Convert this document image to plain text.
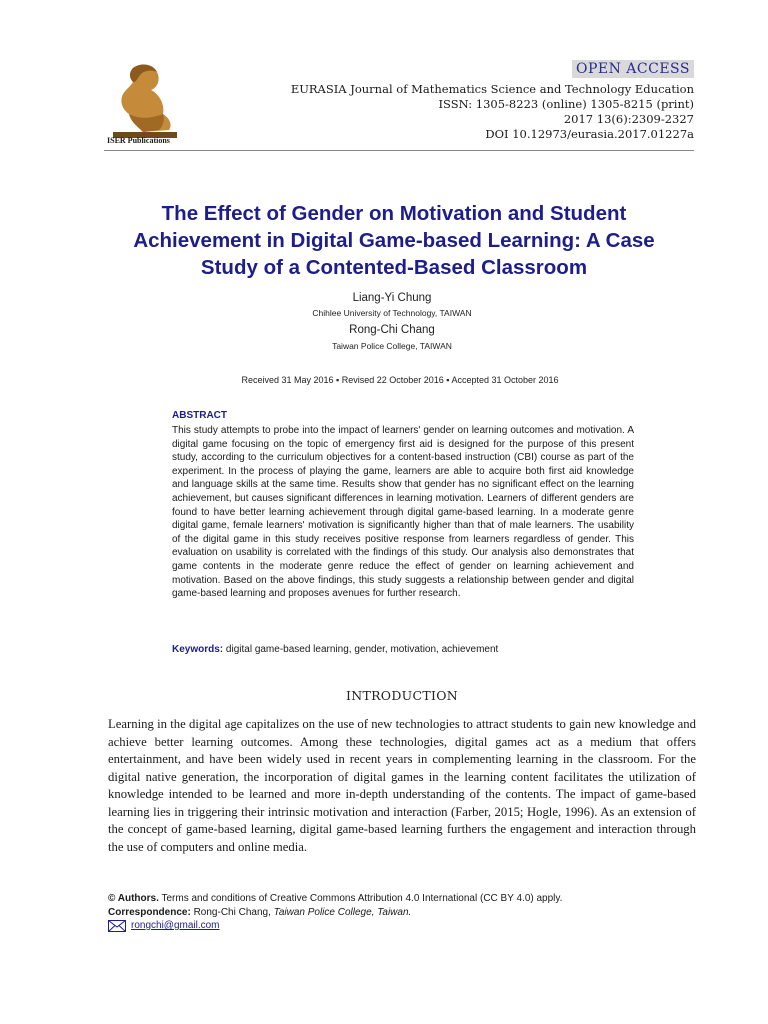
ISER Publications
OPEN ACCESS
EURASIA Journal of Mathematics Science and Technology Education
ISSN: 1305-8223 (online) 1305-8215 (print)
2017 13(6):2309-2327
DOI 10.12973/eurasia.2017.01227a
The Effect of Gender on Motivation and Student Achievement in Digital Game-based Learning: A Case Study of a Contented-Based Classroom
Liang-Yi Chung
Chihlee University of Technology, TAIWAN
Rong-Chi Chang
Taiwan Police College, TAIWAN
Received 31 May 2016 ▪ Revised 22 October 2016 ▪ Accepted 31 October 2016
ABSTRACT
This study attempts to probe into the impact of learners' gender on learning outcomes and motivation. A digital game focusing on the topic of emergency first aid is designed for the purpose of this present study, according to the curriculum objectives for a content-based instruction (CBI) course as part of the experiment. In the process of playing the game, learners are able to acquire both first aid knowledge and language skills at the same time. Results show that gender has no significant effect on the learning achievement, but causes significant differences in learning motivation. Learners of different genders are found to have better learning achievement through digital game-based learning. In a moderate genre digital game, female learners' motivation is significantly higher than that of male learners. The usability of the digital game in this study receives positive response from learners regardless of gender. This evaluation on usability is correlated with the findings of this study. Our analysis also demonstrates that game contents in the moderate genre reduce the effect of gender on learning achievement and motivation. Based on the above findings, this study suggests a relationship between gender and digital game-based learning and proposes avenues for further research.
Keywords: digital game-based learning, gender, motivation, achievement
INTRODUCTION
Learning in the digital age capitalizes on the use of new technologies to attract students to gain new knowledge and achieve better learning outcomes. Among these technologies, digital games act as a medium that offers entertainment, and have been widely used in recent years in complementing learning in the classroom. For the digital native generation, the incorporation of digital games in the learning content facilitates the utilization of knowledge intended to be learned and more in-depth understanding of the contents. The impact of game-based learning lies in triggering their intrinsic motivation and interaction (Farber, 2015; Hogle, 1996). As an extension of the concept of game-based learning, digital game-based learning furthers the engagement and interaction through the use of computers and online media.
© Authors. Terms and conditions of Creative Commons Attribution 4.0 International (CC BY 4.0) apply.
Correspondence: Rong-Chi Chang, Taiwan Police College, Taiwan.
rongchi@gmail.com
